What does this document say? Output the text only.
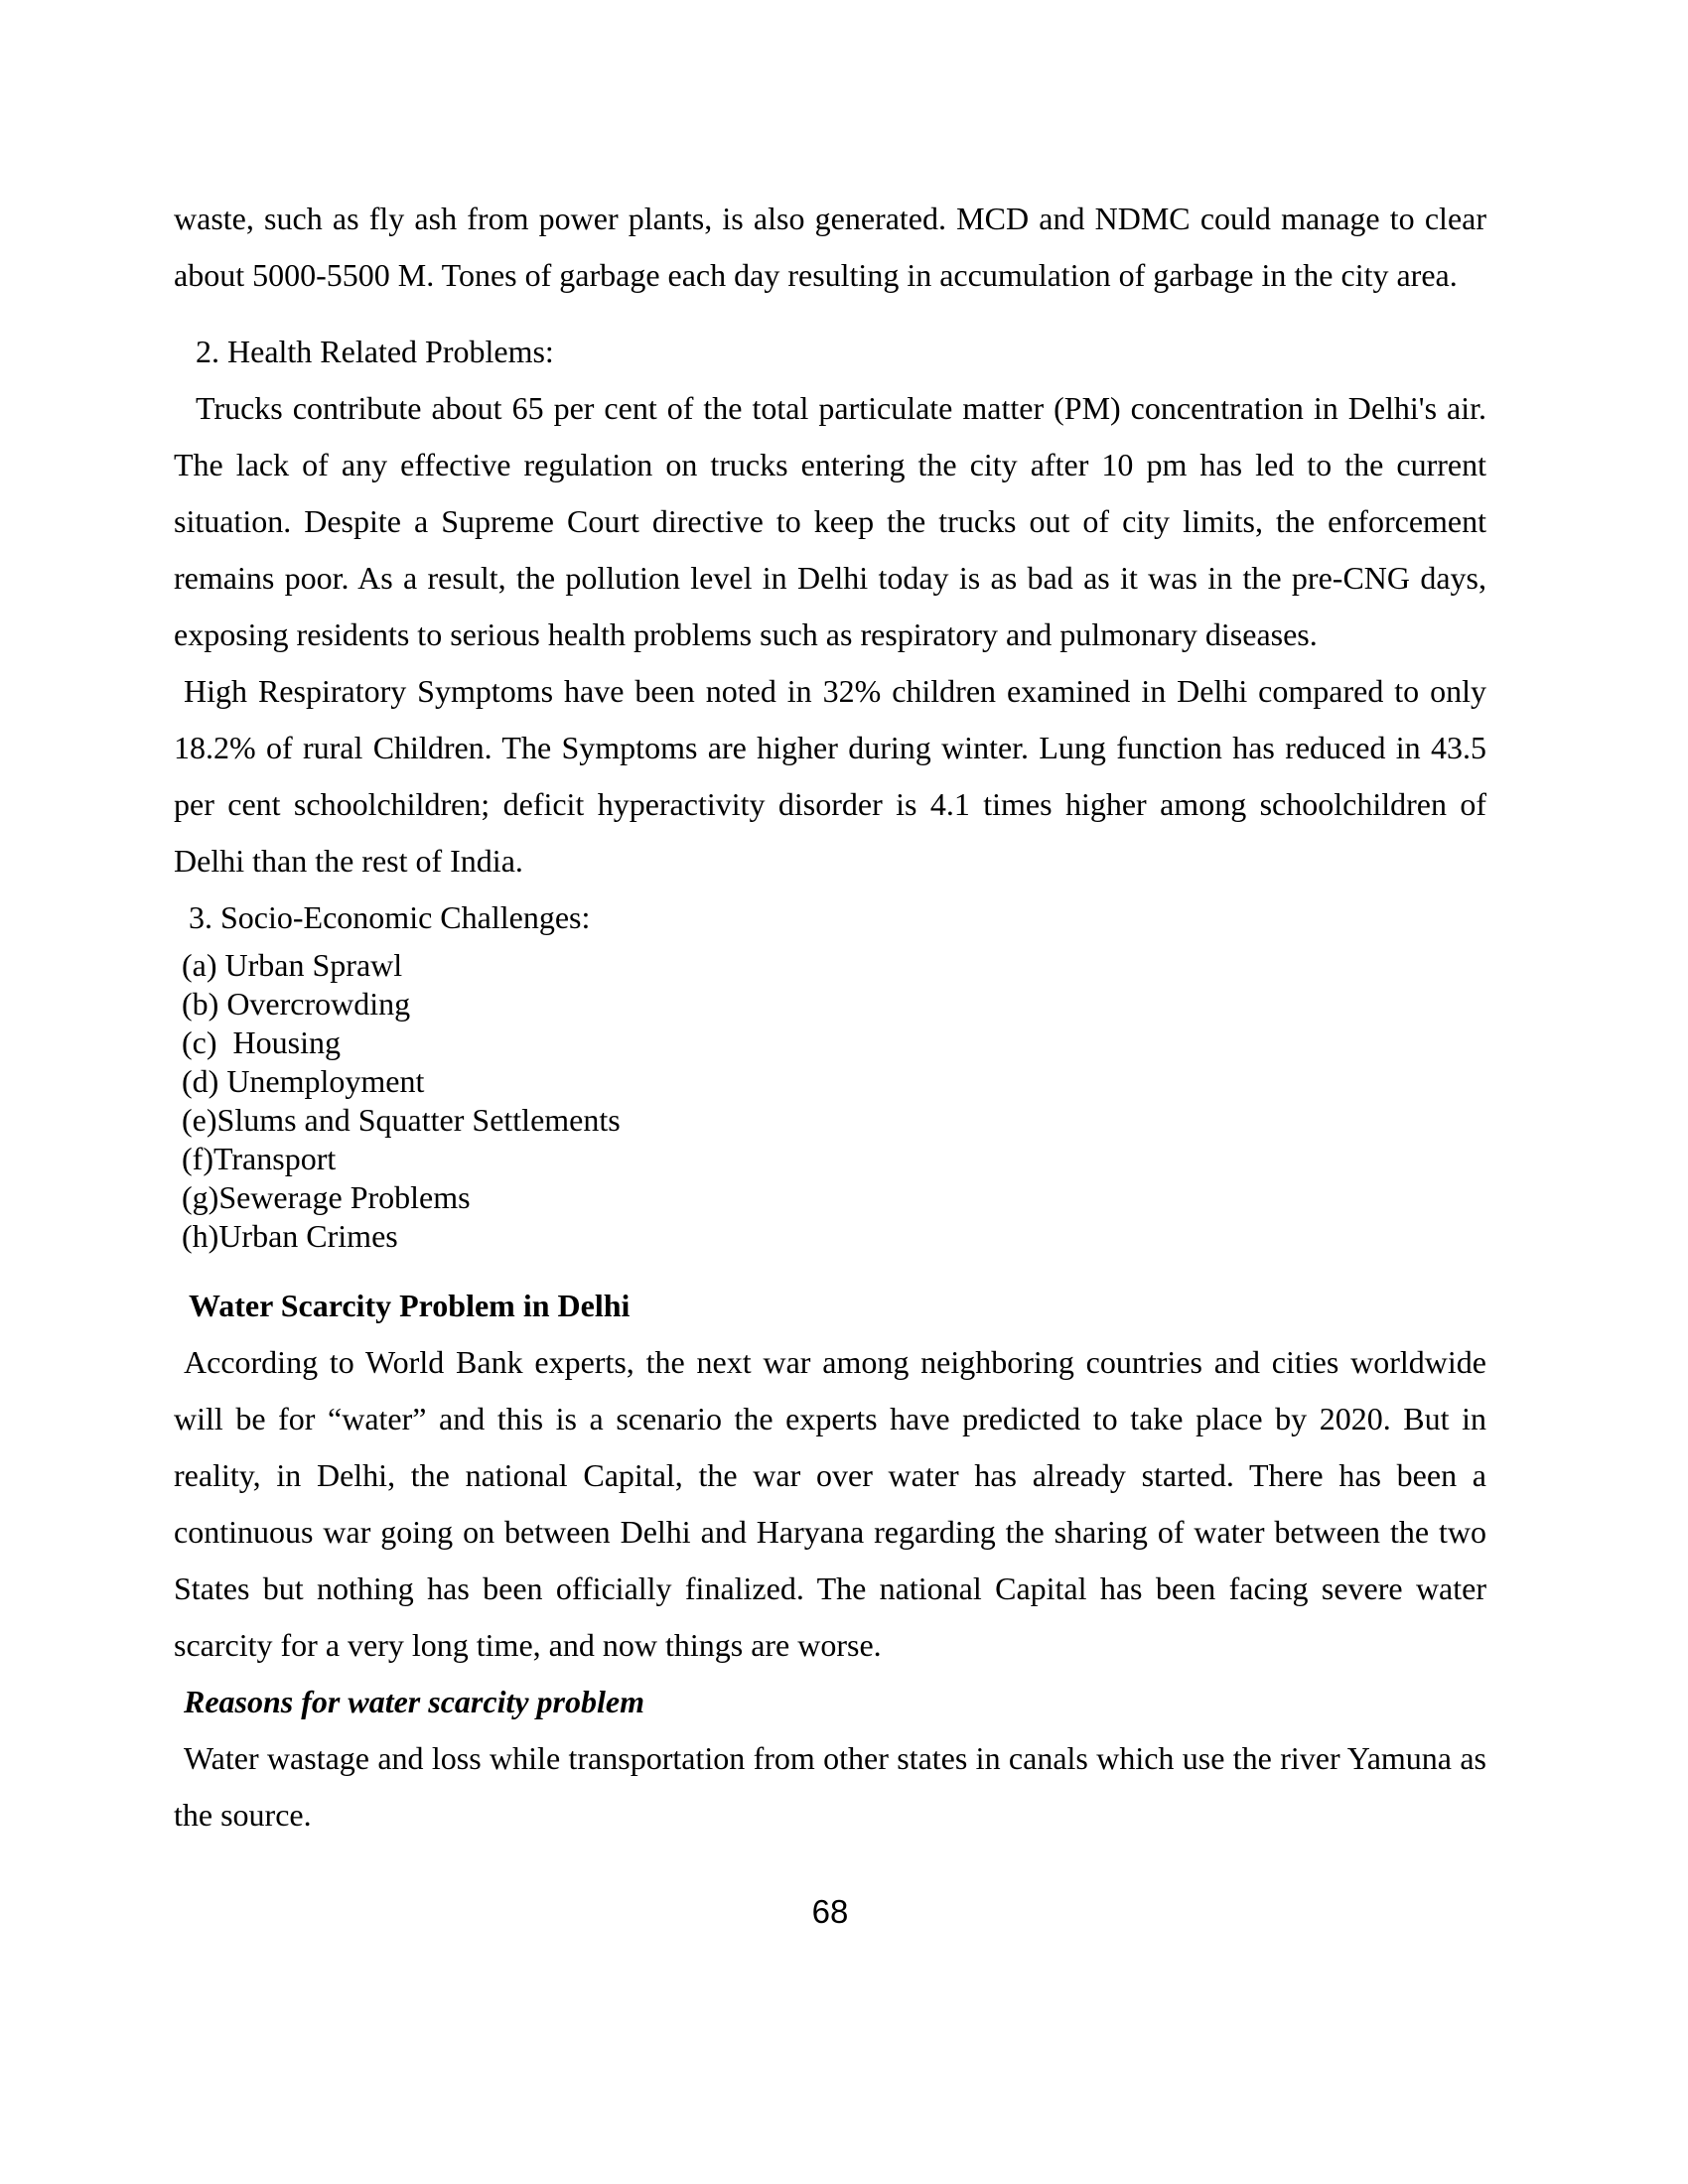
waste, such as fly ash from power plants, is also generated. MCD and NDMC could manage to clear about 5000-5500 M. Tones of garbage each day resulting in accumulation of garbage in the city area.
2. Health Related Problems:
Trucks contribute about 65 per cent of the total particulate matter (PM) concentration in Delhi's air. The lack of any effective regulation on trucks entering the city after 10 pm has led to the current situation. Despite a Supreme Court directive to keep the trucks out of city limits, the enforcement remains poor. As a result, the pollution level in Delhi today is as bad as it was in the pre-CNG days, exposing residents to serious health problems such as respiratory and pulmonary diseases.
High Respiratory Symptoms have been noted in 32% children examined in Delhi compared to only 18.2% of rural Children. The Symptoms are higher during winter. Lung function has reduced in 43.5 per cent schoolchildren; deficit hyperactivity disorder is 4.1 times higher among schoolchildren of Delhi than the rest of India.
3. Socio-Economic Challenges:
(a) Urban Sprawl
(b) Overcrowding
(c)  Housing
(d) Unemployment
(e)Slums and Squatter Settlements
(f)Transport
(g)Sewerage Problems
(h)Urban Crimes
Water Scarcity Problem in Delhi
According to World Bank experts, the next war among neighboring countries and cities worldwide will be for “water” and this is a scenario the experts have predicted to take place by 2020. But in reality, in Delhi, the national Capital, the war over water has already started. There has been a continuous war going on between Delhi and Haryana regarding the sharing of water between the two States but nothing has been officially finalized. The national Capital has been facing severe water scarcity for a very long time, and now things are worse.
Reasons for water scarcity problem
Water wastage and loss while transportation from other states in canals which use the river Yamuna as the source.
68
